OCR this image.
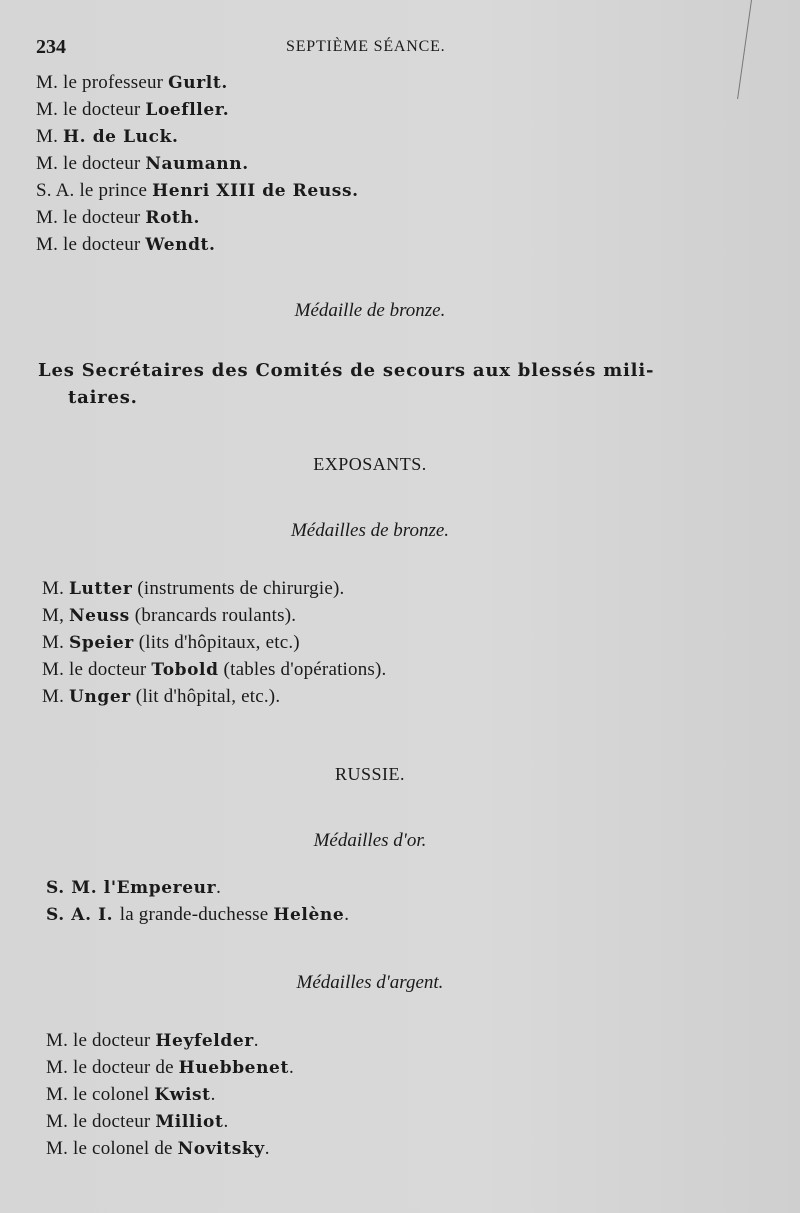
234	SEPTIÈME SÉANCE.
M. le professeur Gurlt.
M. le docteur Loefller.
M. H. de Luck.
M. le docteur Naumann.
S. A. le prince Henri XIII de Reuss.
M. le docteur Roth.
M. le docteur Wendt.
Médaille de bronze.
Les Secrétaires des Comités de secours aux blessés mili-
taires.
EXPOSANTS.
Médailles de bronze.
M. Lutter (instruments de chirurgie).
M, Neuss (brancards roulants).
M. Speier (lits d'hôpitaux, etc.)
M. le docteur Tobold (tables d'opérations).
M. Unger (lit d'hôpital, etc.).
RUSSIE.
Médailles d'or.
S. M. l'Empereur.
S. A. I. la grande-duchesse Helène.
Médailles d'argent.
M. le docteur Heyfelder.
M. le docteur de Huebbenet.
M. le colonel Kwist.
M. le docteur Milliot.
M. le colonel de Novitsky.
